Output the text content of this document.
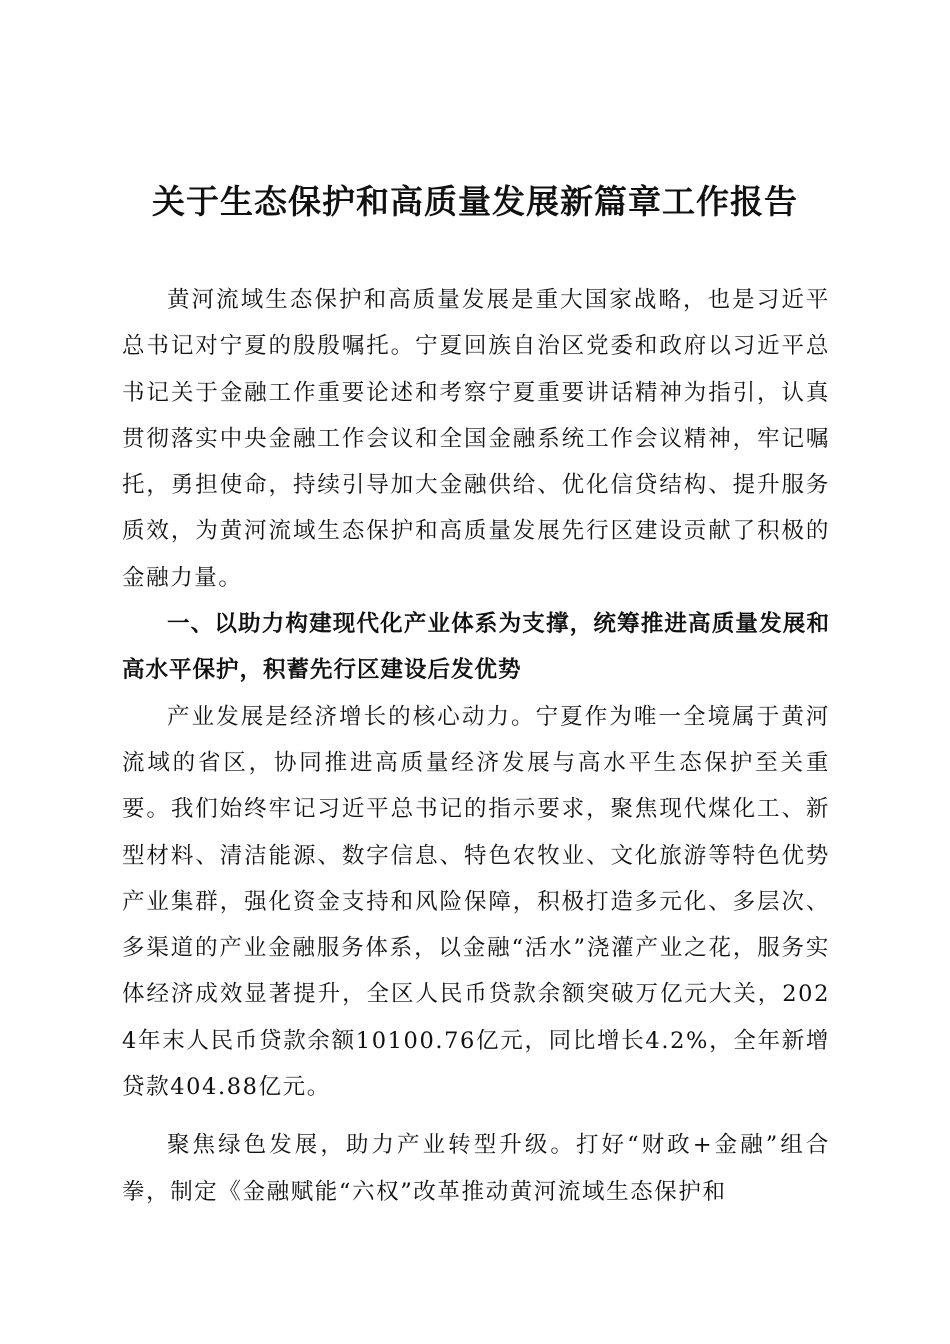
关于生态保护和高质量发展新篇章工作报告

黄河流域生态保护和高质量发展是重大国家战略，也是习近平总书记对宁夏的殷殷嘱托。宁夏回族自治区党委和政府以习近平总书记关于金融工作重要论述和考察宁夏重要讲话精神为指引，认真贯彻落实中央金融工作会议和全国金融系统工作会议精神，牢记嘱托，勇担使命，持续引导加大金融供给、优化信贷结构、提升服务质效，为黄河流域生态保护和高质量发展先行区建设贡献了积极的金融力量。

一、以助力构建现代化产业体系为支撑，统筹推进高质量发展和高水平保护，积蓄先行区建设后发优势

产业发展是经济增长的核心动力。宁夏作为唯一全境属于黄河流域的省区，协同推进高质量经济发展与高水平生态保护至关重要。我们始终牢记习近平总书记的指示要求，聚焦现代煤化工、新型材料、清洁能源、数字信息、特色农牧业、文化旅游等特色优势产业集群，强化资金支持和风险保障，积极打造多元化、多层次、多渠道的产业金融服务体系，以金融“活水”浇灌产业之花，服务实体经济成效显著提升，全区人民币贷款余额突破万亿元大关，2024年末人民币贷款余额10100.76亿元，同比增长4.2%，全年新增贷款404.88亿元。

聚焦绿色发展，助力产业转型升级。打好“财政+金融”组合拳，制定《金融赋能“六权”改革推动黄河流域生态保护和
